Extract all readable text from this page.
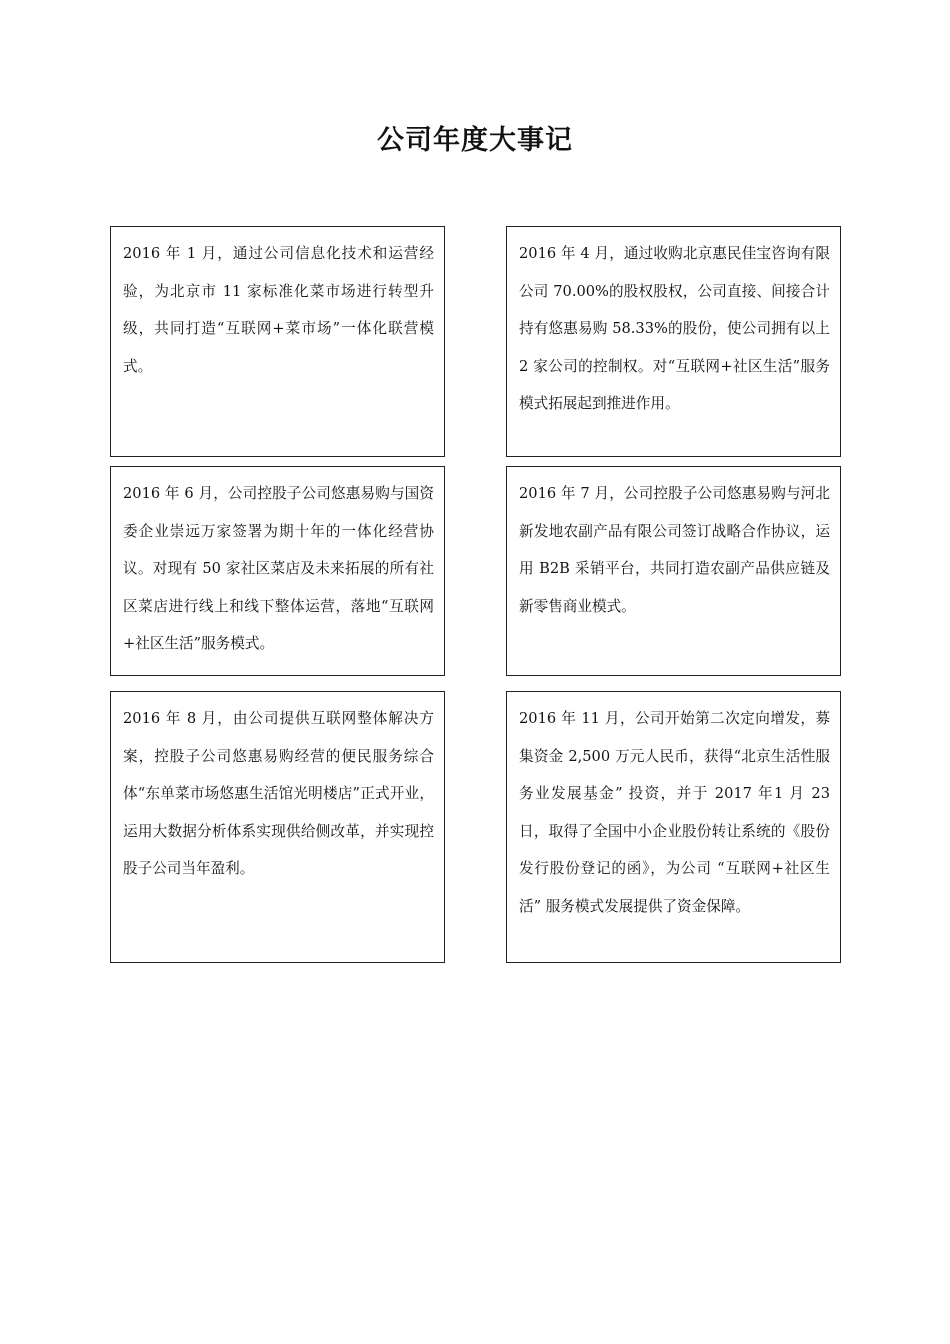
公司年度大事记

2016 年 1 月，通过公司信息化技术和运营经验，为北京市 11 家标准化菜市场进行转型升级，共同打造“互联网+菜市场”一体化联营模式。

2016 年 4 月，通过收购北京惠民佳宝咨询有限公司 70.00%的股权股权，公司直接、间接合计持有悠惠易购 58.33%的股份，使公司拥有以上 2 家公司的控制权。对“互联网+社区生活”服务模式拓展起到推进作用。

2016 年 6 月，公司控股子公司悠惠易购与国资委企业崇远万家签署为期十年的一体化经营协议。对现有 50 家社区菜店及未来拓展的所有社区菜店进行线上和线下整体运营，落地“互联网+社区生活”服务模式。

2016 年 7 月，公司控股子公司悠惠易购与河北新发地农副产品有限公司签订战略合作协议，运用 B2B 采销平台，共同打造农副产品供应链及新零售商业模式。

2016 年 8 月，由公司提供互联网整体解决方案，控股子公司悠惠易购经营的便民服务综合体“东单菜市场悠惠生活馆光明楼店”正式开业，运用大数据分析体系实现供给侧改革，并实现控股子公司当年盈利。

2016 年 11 月，公司开始第二次定向增发，募集资金 2,500 万元人民币，获得“北京生活性服务业发展基金” 投资，并于 2017 年1 月 23 日，取得了全国中小企业股份转让系统的《股份发行股份登记的函》，为公司 “互联网+社区生活” 服务模式发展提供了资金保障。
